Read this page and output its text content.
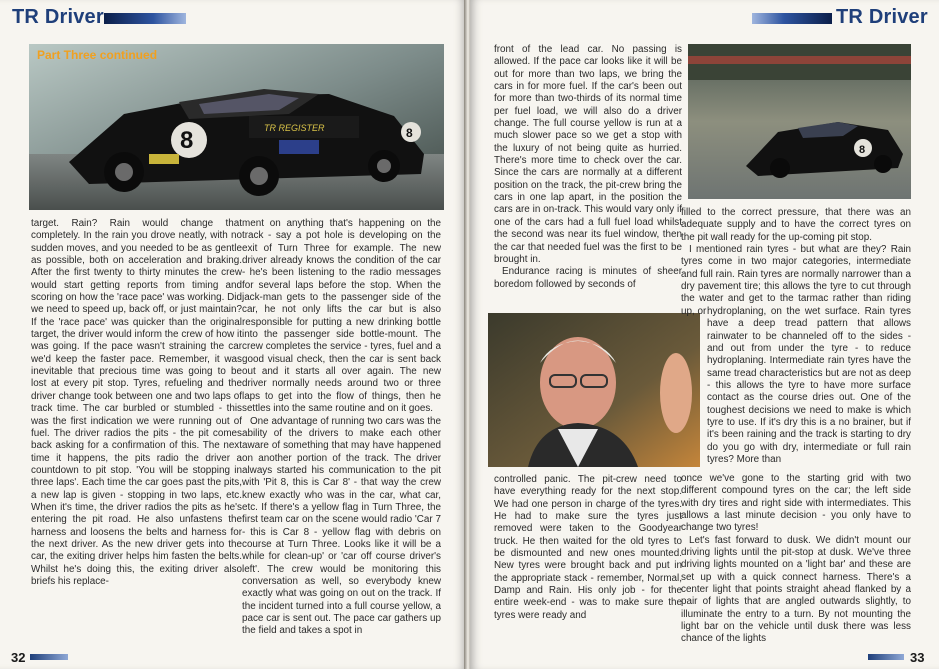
TR Driver
TR REGISTER
8	8
Part Three continued

target. Rain? Rain would change that completely. In the rain you drove neatly, with no sudden moves, and you needed to be as gentle as possible, both on acceleration and braking. After the first twenty to thirty minutes the crew would start getting reports from timing and scoring on how the 'race pace' was working. Did we need to speed up, back off, or just maintain? If the 'race pace' was quicker than the original target, the driver would inform the crew of how it was going. If the pace wasn't straining the car we'd keep the faster pace. Remember, it was inevitable that precious time was going to be lost at every pit stop. Tyres, refueling and the driver change took between one and two laps of track time. The car burbled or stumbled - this was the first indication we were running out of fuel. The driver radios the pits - the pit comes back asking for a confirmation of this. The next time it happens, the pits radio the driver a countdown to pit stop. 'You will be stopping in three laps'. Each time the car goes past the pits, a new lap is given - stopping in two laps, etc. When it's time, the driver radios the pits as he's entering the pit road. He also unfastens the harness and loosens the belts and harness for the next driver. As the new driver gets into the car, the exiting driver helps him fasten the belts. Whilst he's doing this, the exiting driver also briefs his replace-

ment on anything that's happening on the track - say a pot hole is developing on the exit of Turn Three for example. The new driver already knows the condition of the car - he's been listening to the radio messages for several laps before the stop. When the jack-man gets to the passenger side of the car, he not only lifts the car but is also responsible for putting a new drinking bottle into the passenger side bottle-mount. The crew completes the service - tyres, fuel and a good visual check, then the car is sent back out and it starts all over again. The new driver normally needs around two or three laps to get into the flow of things, then he settles into the same routine and on it goes.

One advantage of running two cars was the ability of the drivers to make each other aware of something that may have happened on another portion of the track. The driver always started his communication to the pit with 'Pit 8, this is Car 8' - that way the crew knew exactly who was in the car, what car, etc. If there's a yellow flag in Turn Three, the first team car on the scene would radio 'Car 7 - this is Car 8 - yellow flag with debris on course at Turn Three. Looks like it will be a while for clean-up' or 'car off course driver's left'. The crew would be monitoring this conversation as well, so everybody knew exactly what was going on out on the track. If the incident turned into a full course yellow, a pace car is sent out. The pace car gathers up the field and takes a spot in

32
TR Driver

front of the lead car. No passing is allowed. If the pace car looks like it will be out for more than two laps, we bring the cars in for more fuel. If the car's been out for more than two-thirds of its normal time per fuel load, we will also do a driver change. The full course yellow is run at a much slower pace so we get a stop with the luxury of not being quite as hurried. There's more time to check over the car. Since the cars are normally at a different position on the track, the pit-crew bring the cars in one lap apart, in the position the cars are in on-track. This would vary only if one of the cars had a full fuel load whilst the second was near its fuel window, then the car that needed fuel was the first to be brought in.

Endurance racing is minutes of sheer boredom followed by seconds of

controlled panic. The pit-crew need to have everything ready for the next stop. We had one person in charge of the tyres. He had to make sure the tyres just removed were taken to the Goodyear truck. He then waited for the old tyres to be dismounted and new ones mounted. New tyres were brought back and put in the appropriate stack - remember, Normal, Damp and Rain. His only job - for the entire week-end - was to make sure the tyres were ready and

8

filled to the correct pressure, that there was an adequate supply and to have the correct tyres on the pit wall ready for the up-coming pit stop.

I mentioned rain tyres - but what are they? Rain tyres come in two major categories, intermediate and full rain. Rain tyres are normally narrower than a dry pavement tire; this allows the tyre to cut through the water and get to the tarmac rather than riding up, or hydroplaning, on the wet surface. Rain tyres have a deep tread pattern that allows rainwater to be channeled off to the sides - and out from under the tyre - to reduce hydroplaning. Intermediate rain tyres have the same tread characteristics but are not as deep - this allows the tyre to have more surface contact as the course dries out. One of the toughest decisions we need to make is which tyre to use. If it's dry this is a no brainer, but if it's been raining and the track is starting to dry do you go with dry, intermediate or full rain tyres? More than

once we've gone to the starting grid with two different compound tyres on the car; the left side with dry tires and right side with intermediates. This allows a last minute decision - you only have to change two tyres!

Let's fast forward to dusk. We didn't mount our driving lights until the pit-stop at dusk. We've three driving lights mounted on a 'light bar' and these are set up with a quick connect harness. There's a center light that points straight ahead flanked by a pair of lights that are angled outwards slightly, to illuminate the entry to a turn. By not mounting the light bar on the vehicle until dusk there was less chance of the lights

33
